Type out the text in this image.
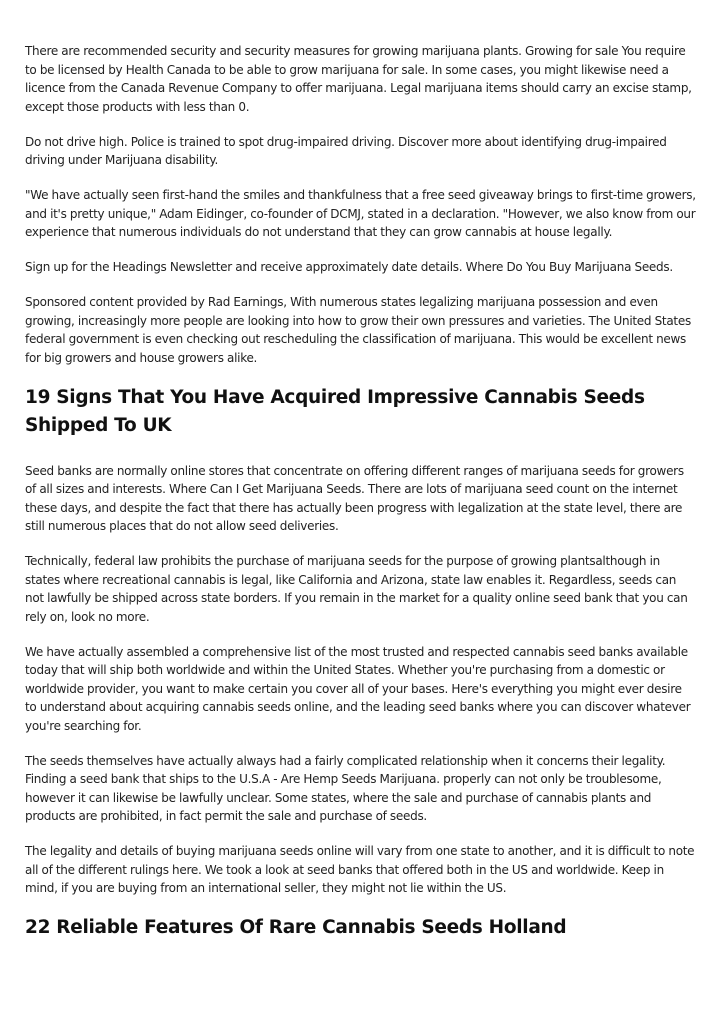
There are recommended security and security measures for growing marijuana plants. Growing for sale You require to be licensed by Health Canada to be able to grow marijuana for sale. In some cases, you might likewise need a licence from the Canada Revenue Company to offer marijuana. Legal marijuana items should carry an excise stamp, except those products with less than 0.

Do not drive high. Police is trained to spot drug-impaired driving. Discover more about identifying drug-impaired driving under Marijuana disability.

"We have actually seen first-hand the smiles and thankfulness that a free seed giveaway brings to first-time growers, and it's pretty unique," Adam Eidinger, co-founder of DCMJ, stated in a declaration. "However, we also know from our experience that numerous individuals do not understand that they can grow cannabis at house legally.

Sign up for the Headings Newsletter and receive approximately date details. Where Do You Buy Marijuana Seeds.

Sponsored content provided by Rad Earnings, With numerous states legalizing marijuana possession and even growing, increasingly more people are looking into how to grow their own pressures and varieties. The United States federal government is even checking out rescheduling the classification of marijuana. This would be excellent news for big growers and house growers alike.

19 Signs That You Have Acquired Impressive Cannabis Seeds Shipped To UK

Seed banks are normally online stores that concentrate on offering different ranges of marijuana seeds for growers of all sizes and interests. Where Can I Get Marijuana Seeds. There are lots of marijuana seed count on the internet these days, and despite the fact that there has actually been progress with legalization at the state level, there are still numerous places that do not allow seed deliveries.

Technically, federal law prohibits the purchase of marijuana seeds for the purpose of growing plantsalthough in states where recreational cannabis is legal, like California and Arizona, state law enables it. Regardless, seeds can not lawfully be shipped across state borders. If you remain in the market for a quality online seed bank that you can rely on, look no more.

We have actually assembled a comprehensive list of the most trusted and respected cannabis seed banks available today that will ship both worldwide and within the United States. Whether you're purchasing from a domestic or worldwide provider, you want to make certain you cover all of your bases. Here's everything you might ever desire to understand about acquiring cannabis seeds online, and the leading seed banks where you can discover whatever you're searching for.

The seeds themselves have actually always had a fairly complicated relationship when it concerns their legality. Finding a seed bank that ships to the U.S.A - Are Hemp Seeds Marijuana. properly can not only be troublesome, however it can likewise be lawfully unclear. Some states, where the sale and purchase of cannabis plants and products are prohibited, in fact permit the sale and purchase of seeds.

The legality and details of buying marijuana seeds online will vary from one state to another, and it is difficult to note all of the different rulings here. We took a look at seed banks that offered both in the US and worldwide. Keep in mind, if you are buying from an international seller, they might not lie within the US.

22 Reliable Features Of Rare Cannabis Seeds Holland
